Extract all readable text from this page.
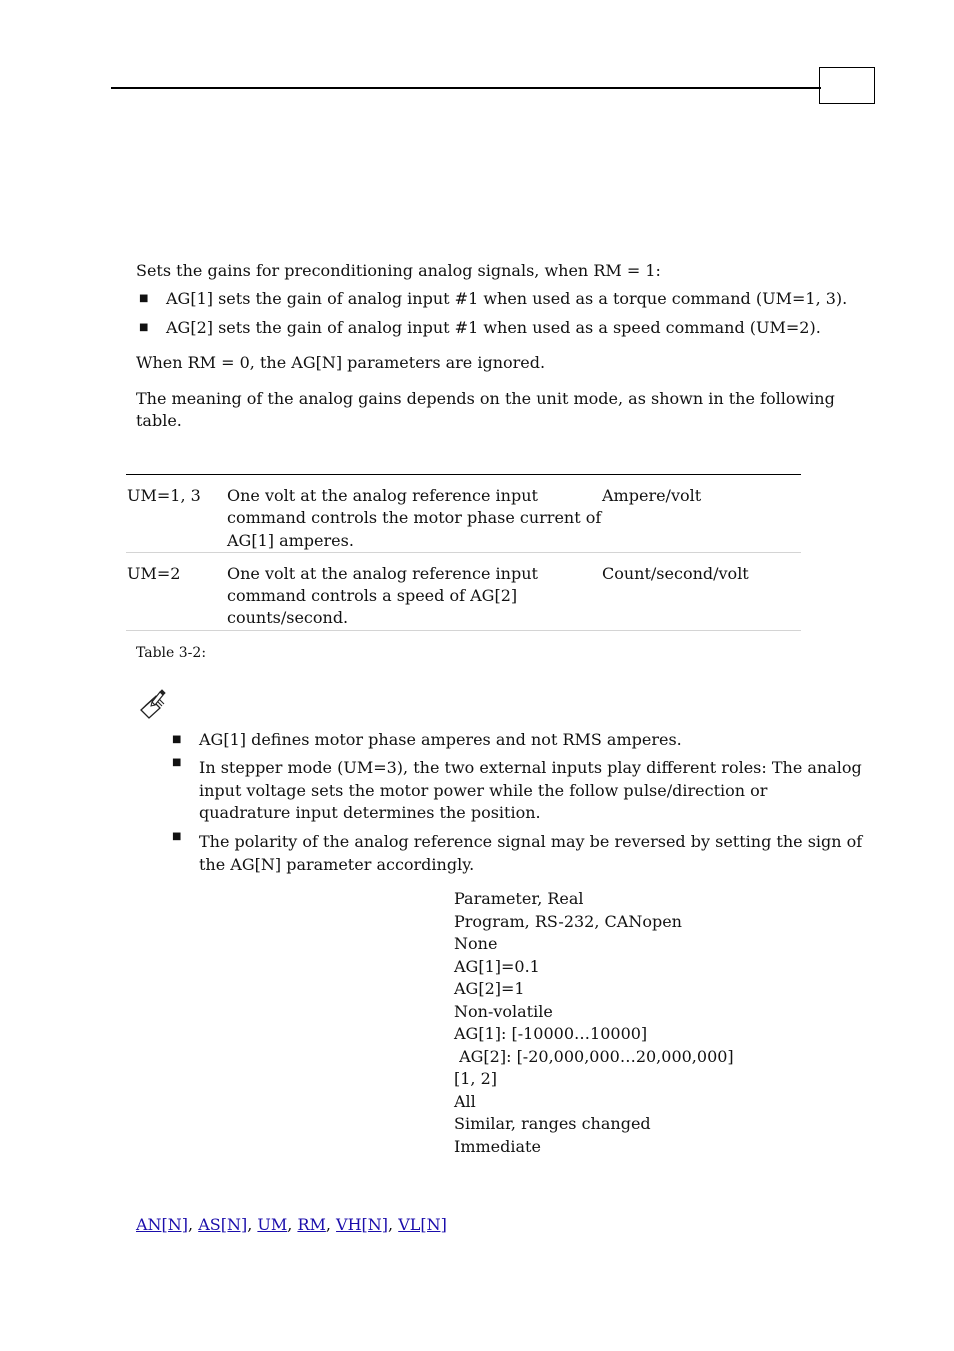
Sets the gains for preconditioning analog signals, when RM = 1:
■ AG[1] sets the gain of analog input #1 when used as a torque command (UM=1, 3).
■ AG[2] sets the gain of analog input #1 when used as a speed command (UM=2).
When RM = 0, the AG[N] parameters are ignored.
The meaning of the analog gains depends on the unit mode, as shown in the following
table.
UM=1, 3 One volt at the analog reference input
command controls the motor phase current of
AG[1] amperes.
Ampere/volt
UM=2	One volt at the analog reference input
command controls a speed of AG[2]
counts/second.
Count/second/volt
Table 3-2:
■ AG[1] defines motor phase amperes and not RMS amperes.
■ In stepper mode (UM=3), the two external inputs play different roles: The analog
input voltage sets the motor power while the follow pulse/direction or
quadrature input determines the position.
■ The polarity of the analog reference signal may be reversed by setting the sign of
the AG[N] parameter accordingly.
Parameter, Real
Program, RS-232, CANopen
None
AG[1]=0.1
AG[2]=1
Non-volatile
AG[1]: [-10000…10000]
AG[2]: [-20,000,000…20,000,000]
[1, 2]
All
Similar, ranges changed
Immediate
AN[N], AS[N], UM, RM, VH[N], VL[N]
